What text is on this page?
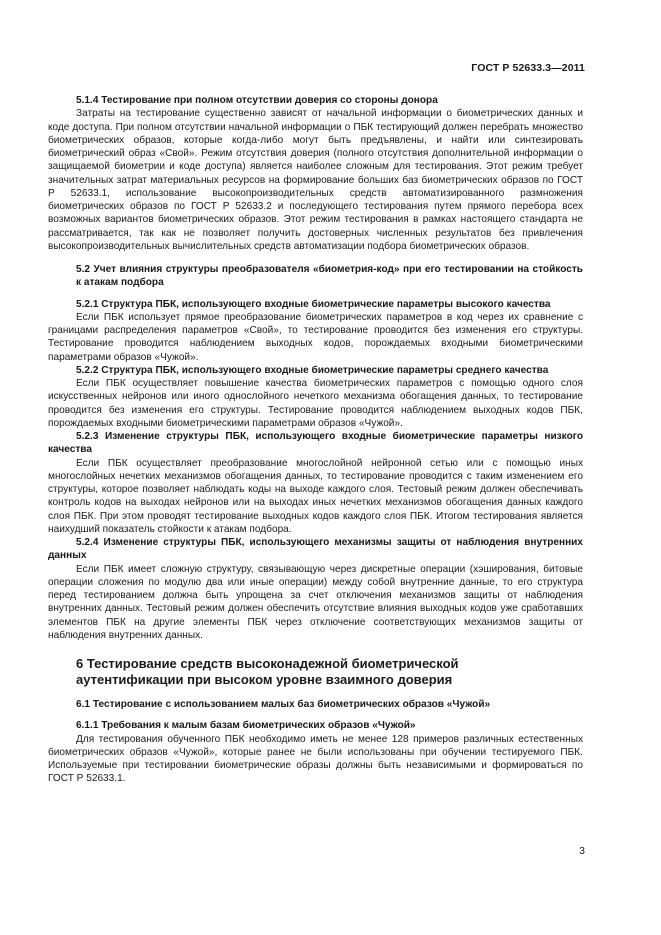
ГОСТ Р 52633.3—2011

5.1.4 Тестирование при полном отсутствии доверия со стороны донора

Затраты на тестирование существенно зависят от начальной информации о биометрических данных и коде доступа. При полном отсутствии начальной информации о ПБК тестирующий должен перебрать множество биометрических образов, которые когда-либо могут быть предъявлены, и найти или синтезировать биометрический образ «Свой». Режим отсутствия доверия (полного отсутствия дополнительной информации о защищаемой биометрии и коде доступа) является наиболее сложным для тестирования. Этот режим требует значительных затрат материальных ресурсов на формирование больших баз биометрических образов по ГОСТ Р 52633.1, использование высокопроизводительных средств автоматизированного размножения биометрических образов по ГОСТ Р 52633.2 и последующего тестирования путем прямого перебора всех возможных вариантов биометрических образов. Этот режим тестирования в рамках настоящего стандарта не рассматривается, так как не позволяет получить достоверных численных результатов без привлечения высокопроизводительных вычислительных средств автоматизации подбора биометрических образов.

5.2 Учет влияния структуры преобразователя «биометрия-код» при его тестировании на стойкость к атакам подбора

5.2.1 Структура ПБК, использующего входные биометрические параметры высокого качества

Если ПБК использует прямое преобразование биометрических параметров в код через их сравнение с границами распределения параметров «Свой», то тестирование проводится без изменения его структуры. Тестирование проводится наблюдением выходных кодов, порождаемых входными биометрическими параметрами образов «Чужой».

5.2.2 Структура ПБК, использующего входные биометрические параметры среднего качества

Если ПБК осуществляет повышение качества биометрических параметров с помощью одного слоя искусственных нейронов или иного однослойного нечеткого механизма обогащения данных, то тестирование проводится без изменения его структуры. Тестирование проводится наблюдением выходных кодов ПБК, порождаемых входными биометрическими параметрами образов «Чужой».

5.2.3 Изменение структуры ПБК, использующего входные биометрические параметры низкого качества

Если ПБК осуществляет преобразование многослойной нейронной сетью или с помощью иных многослойных нечетких механизмов обогащения данных, то тестирование проводится с таким изменением его структуры, которое позволяет наблюдать коды на выходе каждого слоя. Тестовый режим должен обеспечивать контроль кодов на выходах нейронов или на выходах иных нечетких механизмов обогащения данных каждого слоя ПБК. При этом проводят тестирование выходных кодов каждого слоя ПБК. Итогом тестирования является наихудший показатель стойкости к атакам подбора.

5.2.4 Изменение структуры ПБК, использующего механизмы защиты от наблюдения внутренних данных

Если ПБК имеет сложную структуру, связывающую через дискретные операции (хэширования, битовые операции сложения по модулю два или иные операции) между собой внутренние данные, то его структура перед тестированием должна быть упрощена за счет отключения механизмов защиты от наблюдения внутренних данных. Тестовый режим должен обеспечить отсутствие влияния выходных кодов уже сработавших элементов ПБК на другие элементы ПБК через отключение соответствующих механизмов защиты от наблюдения внутренних данных.

6 Тестирование средств высоконадежной биометрической
аутентификации при высоком уровне взаимного доверия

6.1 Тестирование с использованием малых баз биометрических образов «Чужой»

6.1.1 Требования к малым базам биометрических образов «Чужой»

Для тестирования обученного ПБК необходимо иметь не менее 128 примеров различных естественных биометрических образов «Чужой», которые ранее не были использованы при обучении тестируемого ПБК. Используемые при тестировании биометрические образы должны быть независимыми и формироваться по ГОСТ Р 52633.1.

3
